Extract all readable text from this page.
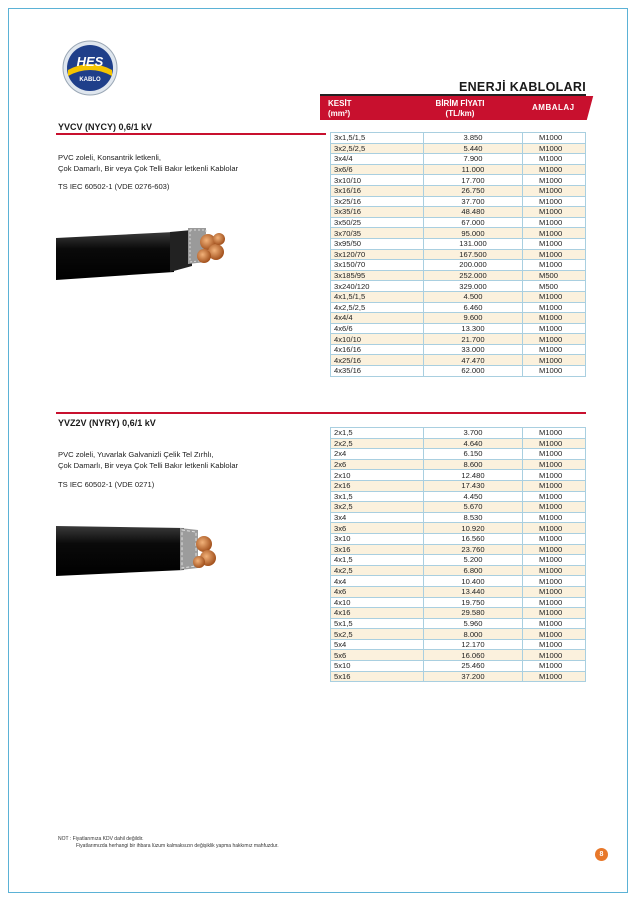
HES
KABLO	ENERJİ KABLOLARI
KESİT
(mm²)
BİRİM FİYATI
(TL/km)
AMBALAJ
YVCV (NYCY) 0,6/1 kV
PVC zoleli, Konsantrik letkenli,
Çok Damarlı, Bir veya Çok Telli Bakır letkenli Kablolar
TS IEC 60502-1 (VDE 0276-603)
3x1,5/1,5	3.850	M1000
3x2,5/2,5	5.440	M1000
3x4/4	7.900	M1000
3x6/6	11.000	M1000
3x10/10	17.700	M1000
3x16/16	26.750	M1000
3x25/16	37.700	M1000
3x35/16	48.480	M1000
3x50/25	67.000	M1000
3x70/35	95.000	M1000
3x95/50	131.000	M1000
3x120/70	167.500	M1000
3x150/70	200.000	M1000
3x185/95	252.000	M500
3x240/120	329.000	M500
4x1,5/1,5	4.500	M1000
4x2,5/2,5	6.460	M1000
4x4/4	9.600	M1000
4x6/6	13.300	M1000
4x10/10	21.700	M1000
4x16/16	33.000	M1000
4x25/16	47.470	M1000
4x35/16	62.000	M1000
YVZ2V (NYRY) 0,6/1 kV
PVC zoleli, Yuvarlak Galvanizli Çelik Tel Zırhlı,
Çok Damarlı, Bir veya Çok Telli Bakır letkenli Kablolar
TS IEC 60502-1 (VDE 0271)
2x1,5	3.700	M1000
2x2,5	4.640	M1000
2x4	6.150	M1000
2x6	8.600	M1000
2x10	12.480	M1000
2x16	17.430	M1000
3x1,5	4.450	M1000
3x2,5	5.670	M1000
3x4	8.530	M1000
3x6	10.920	M1000
3x10	16.560	M1000
3x16	23.760	M1000
4x1,5	5.200	M1000
4x2,5	6.800	M1000
4x4	10.400	M1000
4x6	13.440	M1000
4x10	19.750	M1000
4x16	29.580	M1000
5x1,5	5.960	M1000
5x2,5	8.000	M1000
5x4	12.170	M1000
5x6	16.060	M1000
5x10	25.460	M1000
5x16	37.200	M1000
NOT : Fiyatlarımıza KDV dahil değildir.
Fiyatlarımızda herhangi bir ihbara lüzum kalmaksızın değişiklik yapma hakkımız mahfuzdur.
8
